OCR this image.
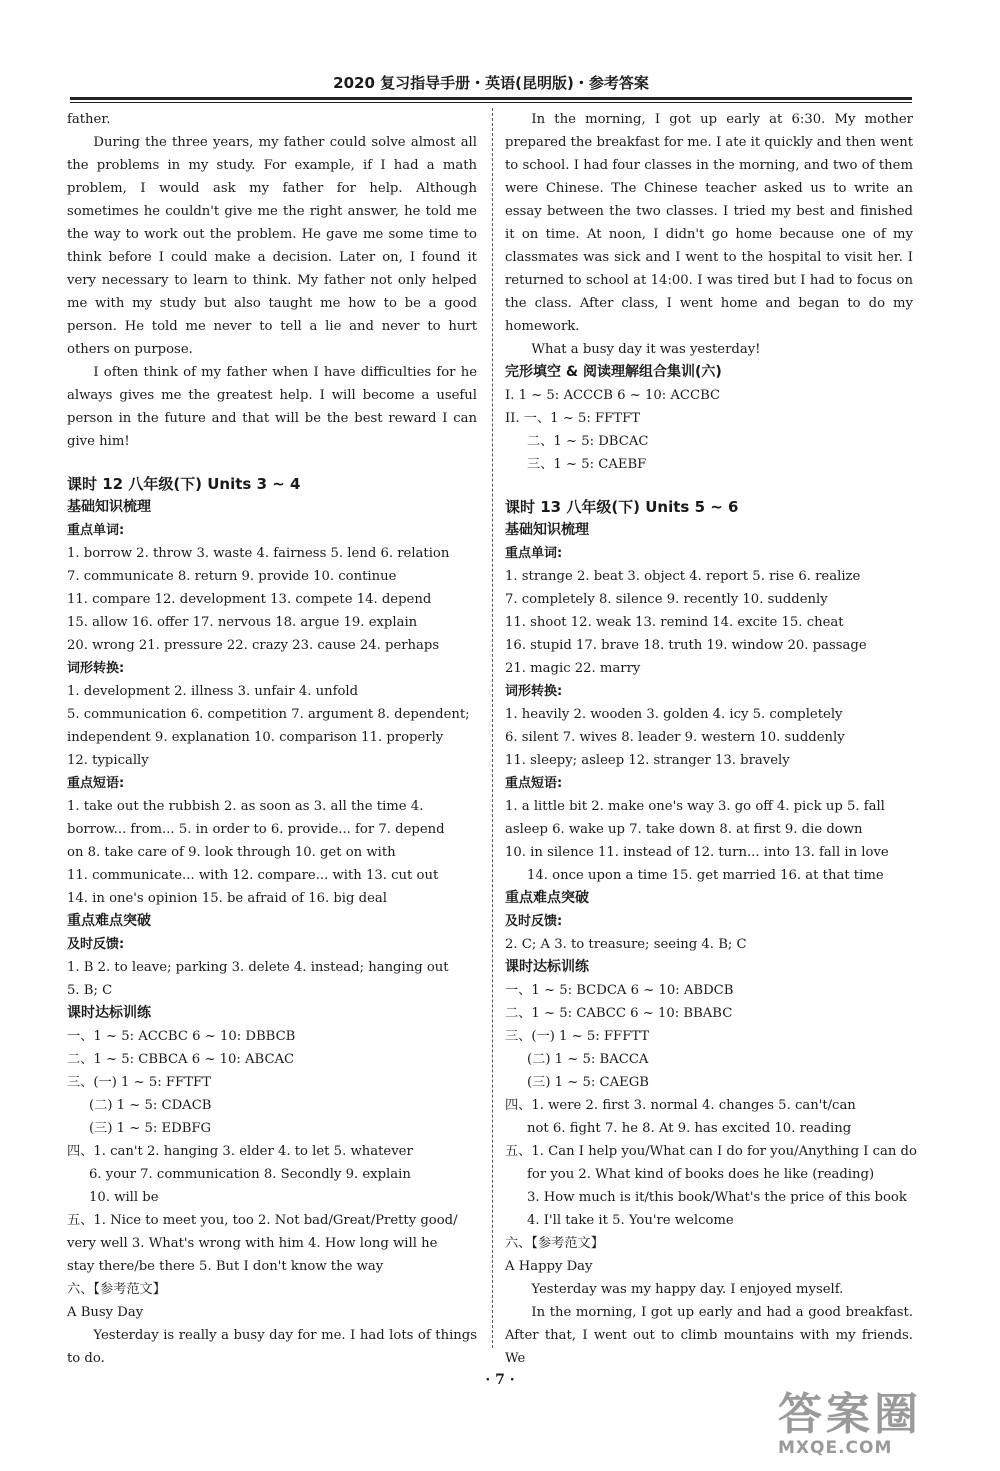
2020 复习指导手册・英语(昆明版)・参考答案

father.

During the three years, my father could solve almost all the problems in my study. For example, if I had a math problem, I would ask my father for help. Although sometimes he couldn't give me the right answer, he told me the way to work out the problem. He gave me some time to think before I could make a decision. Later on, I found it very necessary to learn to think. My father not only helped me with my study but also taught me how to be a good person. He told me never to tell a lie and never to hurt others on purpose.

I often think of my father when I have difficulties for he always gives me the greatest help. I will become a useful person in the future and that will be the best reward I can give him!

课时 12 八年级(下) Units 3 ~ 4

基础知识梳理

重点单词:

1. borrow 2. throw 3. waste 4. fairness 5. lend 6. relation

7. communicate 8. return 9. provide 10. continue

11. compare 12. development 13. compete 14. depend

15. allow 16. offer 17. nervous 18. argue 19. explain

20. wrong 21. pressure 22. crazy 23. cause 24. perhaps

词形转换:

1. development 2. illness 3. unfair 4. unfold

5. communication 6. competition 7. argument 8. dependent;

independent 9. explanation 10. comparison 11. properly

12. typically

重点短语:

1. take out the rubbish 2. as soon as 3. all the time 4.

borrow... from... 5. in order to 6. provide... for 7. depend

on 8. take care of 9. look through 10. get on with

11. communicate... with 12. compare... with 13. cut out

14. in one's opinion 15. be afraid of 16. big deal

重点难点突破

及时反馈:

1. B 2. to leave; parking 3. delete 4. instead; hanging out

5. B; C

课时达标训练

一、1 ~ 5: ACCBC 6 ~ 10: DBBCB

二、1 ~ 5: CBBCA 6 ~ 10: ABCAC

三、(一) 1 ~ 5: FFTFT

(二) 1 ~ 5: CDACB

(三) 1 ~ 5: EDBFG

四、1. can't 2. hanging 3. elder 4. to let 5. whatever

6. your 7. communication 8. Secondly 9. explain

10. will be

五、1. Nice to meet you, too 2. Not bad/Great/Pretty good/

very well 3. What's wrong with him 4. How long will he

stay there/be there 5. But I don't know the way

六、【参考范文】

A Busy Day

Yesterday is really a busy day for me. I had lots of things to do.

In the morning, I got up early at 6:30. My mother prepared the breakfast for me. I ate it quickly and then went to school. I had four classes in the morning, and two of them were Chinese. The Chinese teacher asked us to write an essay between the two classes. I tried my best and finished it on time. At noon, I didn't go home because one of my classmates was sick and I went to the hospital to visit her. I returned to school at 14:00. I was tired but I had to focus on the class. After class, I went home and began to do my homework.

What a busy day it was yesterday!

完形填空 & 阅读理解组合集训(六)

I. 1 ~ 5: ACCCB 6 ~ 10: ACCBC

II. 一、1 ~ 5: FFTFT

二、1 ~ 5: DBCAC

三、1 ~ 5: CAEBF

课时 13 八年级(下) Units 5 ~ 6

基础知识梳理

重点单词:

1. strange 2. beat 3. object 4. report 5. rise 6. realize

7. completely 8. silence 9. recently 10. suddenly

11. shoot 12. weak 13. remind 14. excite 15. cheat

16. stupid 17. brave 18. truth 19. window 20. passage

21. magic 22. marry

词形转换:

1. heavily 2. wooden 3. golden 4. icy 5. completely

6. silent 7. wives 8. leader 9. western 10. suddenly

11. sleepy; asleep 12. stranger 13. bravely

重点短语:

1. a little bit 2. make one's way 3. go off 4. pick up 5. fall

asleep 6. wake up 7. take down 8. at first 9. die down

10. in silence 11. instead of 12. turn... into 13. fall in love

14. once upon a time 15. get married 16. at that time

重点难点突破

及时反馈:

2. C; A 3. to treasure; seeing 4. B; C

课时达标训练

一、1 ~ 5: BCDCA 6 ~ 10: ABDCB

二、1 ~ 5: CABCC 6 ~ 10: BBABC

三、(一) 1 ~ 5: FFFTT

(二) 1 ~ 5: BACCA

(三) 1 ~ 5: CAEGB

四、1. were 2. first 3. normal 4. changes 5. can't/can

not 6. fight 7. he 8. At 9. has excited 10. reading

五、1. Can I help you/What can I do for you/Anything I can do

for you 2. What kind of books does he like (reading)

3. How much is it/this book/What's the price of this book

4. I'll take it 5. You're welcome

六、【参考范文】

A Happy Day

Yesterday was my happy day. I enjoyed myself.

In the morning, I got up early and had a good breakfast. After that, I went out to climb mountains with my friends. We

· 7 ·
答案圈
MXQE.COM
